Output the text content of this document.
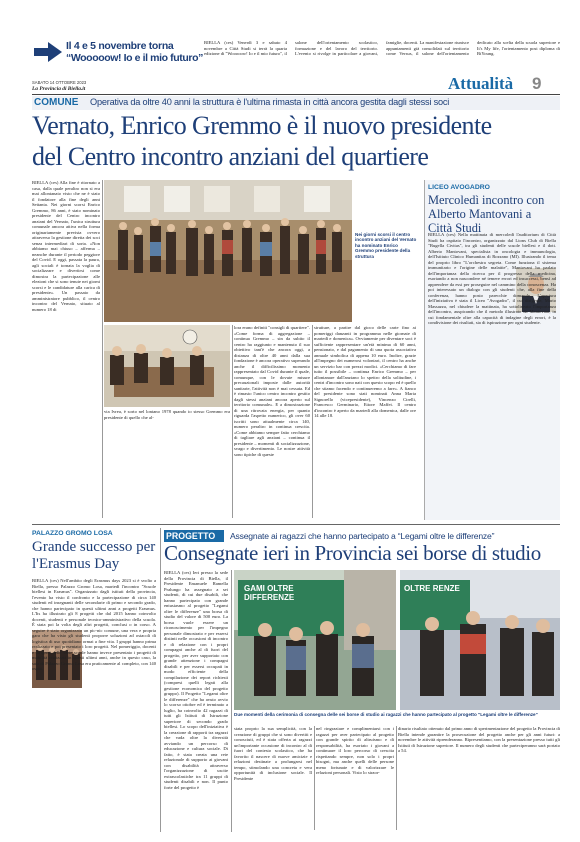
Il 4 e 5 novembre torna
“Wooooow! Io e il mio futuro”
BIELLA (ces) Venerdì 3 e sabato 4 novembre a Città Studi si terrà la quarta edizione di "Wooooow! Io e il mio futuro", il salone dell'orientamento scolastico, formazione e del lavoro del territorio. L'evento si rivolge in particolare a giovani, famiglie, docenti. La manifestazione riunisce appuntamenti già consolidati sul territorio come Versus, il salone dell'orientamento dedicato alla scelta della scuola superiore e It's My life, l'orientamento post diploma di BiYoung.
SABATO 14 OTTOBRE 2023
La Provincia di Biella.it	Attualità 9
COMUNE Operativa da oltre 40 anni la struttura è l'ultima rimasta in città ancora gestita dagli stessi soci
Vernato, Enrico Gremmo è il nuovo presidente
del Centro incontro anziani del quartiere
BIELLA (ces) Alla fine è ritornato a casa, dalla quale peraltro non si era mai allontanato visto che ne è stato il fondatore alla fine degli anni Settanta. Nei giorni scorsi Enrico Gremmo, 86 anni, è stato nominato presidente del Centro incontro anziani del Vernato, l'unica struttura comunale ancora attiva nella forma originariamente prevista ovvero attraverso la gestione diretta dei soci senza intermediari di sorta. «Non abbiamo mai chiuso – afferma – neanche durante il periodo peggiore del Covid. E oggi, passata la paura, agli sociali è tornata la voglia di socializzare e divertirsi come dimostra la partecipazione alle elezioni che si sono tenute nei giorni scorsi e le candidature alla carica di presidente». Un passato da amministratore pubblico, il centro incontro del Vernato, situato al numero 18 di
Nei giorni scorsi il centro incontro anziani del Vernato ha nominato Enrico Gremmo presidente della struttura
via Ivrea, è sorto nel lontano 1978 quando io stesso Gremmo era presidente di quello che al-
lora erano definiti "consigli di quartiere". «Come forma di aggregazione – continua Gremmo – sin da subito il centro ha raggiunto e mantenuto il suo obiettivo tant'è che ancora oggi, a distanza di oltre 40 anni dalla sua fondazione è ancora operativo superando anche il difficilissimo momento rappresentato dal Covid durante il quale, comunque, con le dovute misure precauzionali imposte dalle autorità sanitarie, l'attività non è mai cessata. Ed è rimasto l'unico centro incontro gestito dagli stessi anziani ancora aperto sul territorio comunale». E a dimostrazione di una ritrovata energia, per quanto riguarda l'aspetto numerico, gli over 60 iscritti sono attualmente circa 140, numero peraltro in continua crescita. «Come abbiamo sempre fatto cerchiamo di tagliare agli anziani – continua il presidente – momenti di socializzazione, svago e divertimento. Le nostre attività sono tipiche di queste
strutture, a partire dal gioco delle carte fino ai pomeriggi danzanti in programma nelle giornate di martedì e domenica». Ovviamente per diventare soci è sufficiente rappresentare un'età minima di 60 anni, pensionato, e dal pagamento di una quota associativa annuale simbolica di appena 10 euro. Inoltre, grazie all'impegno dei numerosi volontari, il centro ha anche un servizio bar con prezzi modici. «Cerchiamo di fare tutto il possibile – continua Enrico Gremmo – per allontanare dall'anziano lo spettro della solitudine, i centri d'incontro sono nati con questo scopo ed è quello che stiamo facendo e continueremo a fare». A fianco del presidente sono stati nominati Anna Maria Signorello (vicepresidente), Vincenzo Cirelli, Francesco Germinario, Ettore Maffei. Il centro d'incontro è aperto da martedì alla domenica, dalle ore 14 alle 18.
LICEO AVOGADRO
Mercoledì incontro con Alberto Mantovani a Città Studi
BIELLA (ces) Nella mattinata di mercoledì l'auditorium di Città Studi ha ospitato l'incontro, organizzato dal Lions Club di Biella "Bugella Civitas", tra gli studenti delle scuole biellesi e il dott. Alberto Mantovani, specialista in oncologia e immunologia, dell'Istituto Clinico Humanitas di Rozzano (MI). Illustrando il tema del proprio libro "L'orchestra segreta. Come funziona il sistema immunitario e l'origine delle malattie", Mantovani ha parlato dell'importanza della ricerca per il progresso della medicina, esortando a non nascondere né temere errori ed insuccessi, bensì ad apprendere da essi per proseguire nel cammino della conoscenza. Ha poi interessato un dialogo con gli studenti che, alla fine della conferenza, hanno posto parecchie domande. L'apertura dell'iniziativa è stata il Liceo "Avogadro", il cui dirigente, Mario Massazza, nel chiudere la mattinata, ha sottolineato l'importanza dell'incontro, auspicando che il metodo illustrato da Mantovani, in cui fondamentale oltre alla capacità di indagine degli errori, è la condivisione dei risultati, sia di ispirazione per ogni studente.
PALAZZO GROMO LOSA
Grande successo per l'Erasmus Day
BIELLA (ces) Nell'ambito degli Erasmus days 2023 si è svolto a Biella, presso Palazzo Gromo Losa, martedì l'incontro "Scuole biellesi in Erasmus". Organizzato dagli istituti della provincia, l'evento ha visto il confronto e la partecipazione di circa 140 studenti ed insegnanti delle secondarie di primo e secondo grado, che hanno partecipato in questi ultimi anni a progetti Erasmus. L'Iis ha illustrato gli 8 progetti che dal 2015 hanno coinvolto docenti, studenti e personale tecnico-amministrativo della scuola. È stata poi la volta degli altri progetti, conclusi o in corso. A seguire è stato organizzato un pic-nic comune, una vera e propria gara che ha visto gli studenti proporre soluzioni ad ostacoli di logistica di uso quotidiano ormai a fine vita. I gruppi hanno prima realizzato e poi presentato i loro progetti. Nel pomeriggio, docenti e dirigenti delle varie scuole hanno invece presentato i progetti di mobilità realizzati in questi ultimi anni, anche in questo caso, la sala di Palazzo Gromo Losa era praticamente al completo, con 140 ospiti.
PROGETTO Assegnate ai ragazzi che hanno partecipato a “Legami oltre le differenze”
Consegnate ieri in Provincia sei borse di studio
BIELLA (ces) Ieri presso la sede della Provincia di Biella, il Presidente Emanuele Ramella Pralungo ha assegnato a sei studenti, di cui due disabili, che hanno partecipato con grande entusiasmo al progetto "Legami oltre le differenze" una borsa di studio del valore di 500 euro. La borsa vuole essere un riconoscimento per l'impegno personale dimostrato e per essersi distinti nelle occasioni di incontro e di relazione con i propri compagni anche al di fuori del progetto, per aver supportato con grande attenzione i compagni disabili e per essersi occupati in modo efficiente della compilazione dei report richiesti (compresi quelli legati alla gestione economica del progetto gruppo). Il Progetto "Legami oltre le differenze" che ha avuto avvio lo scorso ottobre ed è terminato a luglio, ha coinvolto 42 ragazzi di tutti gli Istituti di Istruzione superiore di secondo grado biellesi. Lo scopo dell'iniziativa è la creazione di rapporti tra ragazzi che vada oltre la diversità avviando un percorso di educazione e cultura sociale. Di fatto, è stata creata una rete relazionale di supporto ai giovani con disabilità attraverso l'organizzazione di uscite extrascolastiche tra 11 gruppi di studenti disabili e non. Il punto forte del progetto è
GAMI OLTRE DIFFERENZE
OLTRE RENZE
Due momenti della cerimonia di consegna delle sei borse di studio ai ragazzi che hanno partecipato al progetto "Legami oltre le differenze"
stata proprio la sua semplicità, con la creazione di gruppi che si sono divertiti e conosciuti, ed è stata offerta ai ragazzi un'importante occasione di incontro al di fuori del contesto scolastico, che ha favorito il nascere di nuove amicizie e relazioni destinate a prolungarsi nel tempo, stimolando una concreta e vera opportunità di inclusione sociale. Il Presidente
nel ringraziare e complimentarsi con i ragazzi per aver partecipato al progetto con grande spirito di altruismo e di responsabilità, ha esortato i giovani a continuare il loro percorso di crescita rispettando sempre, non solo i propri bisogni, ma anche quelli delle persone meno fortunate e di valorizzare le relazioni personali. Visto lo straor-
dinario risultato ottenuto dal primo anno di sperimentazione del progetto la Provincia di Biella intende garantire la prosecuzione del progetto anche per gli anni futuri: a novembre le attività riprenderanno. Ripresentiamo, con la presentazione presso tutti gli Istituti di Istruzione superiore. Il numero degli studenti che parteciperanno sarà portato a 54.
